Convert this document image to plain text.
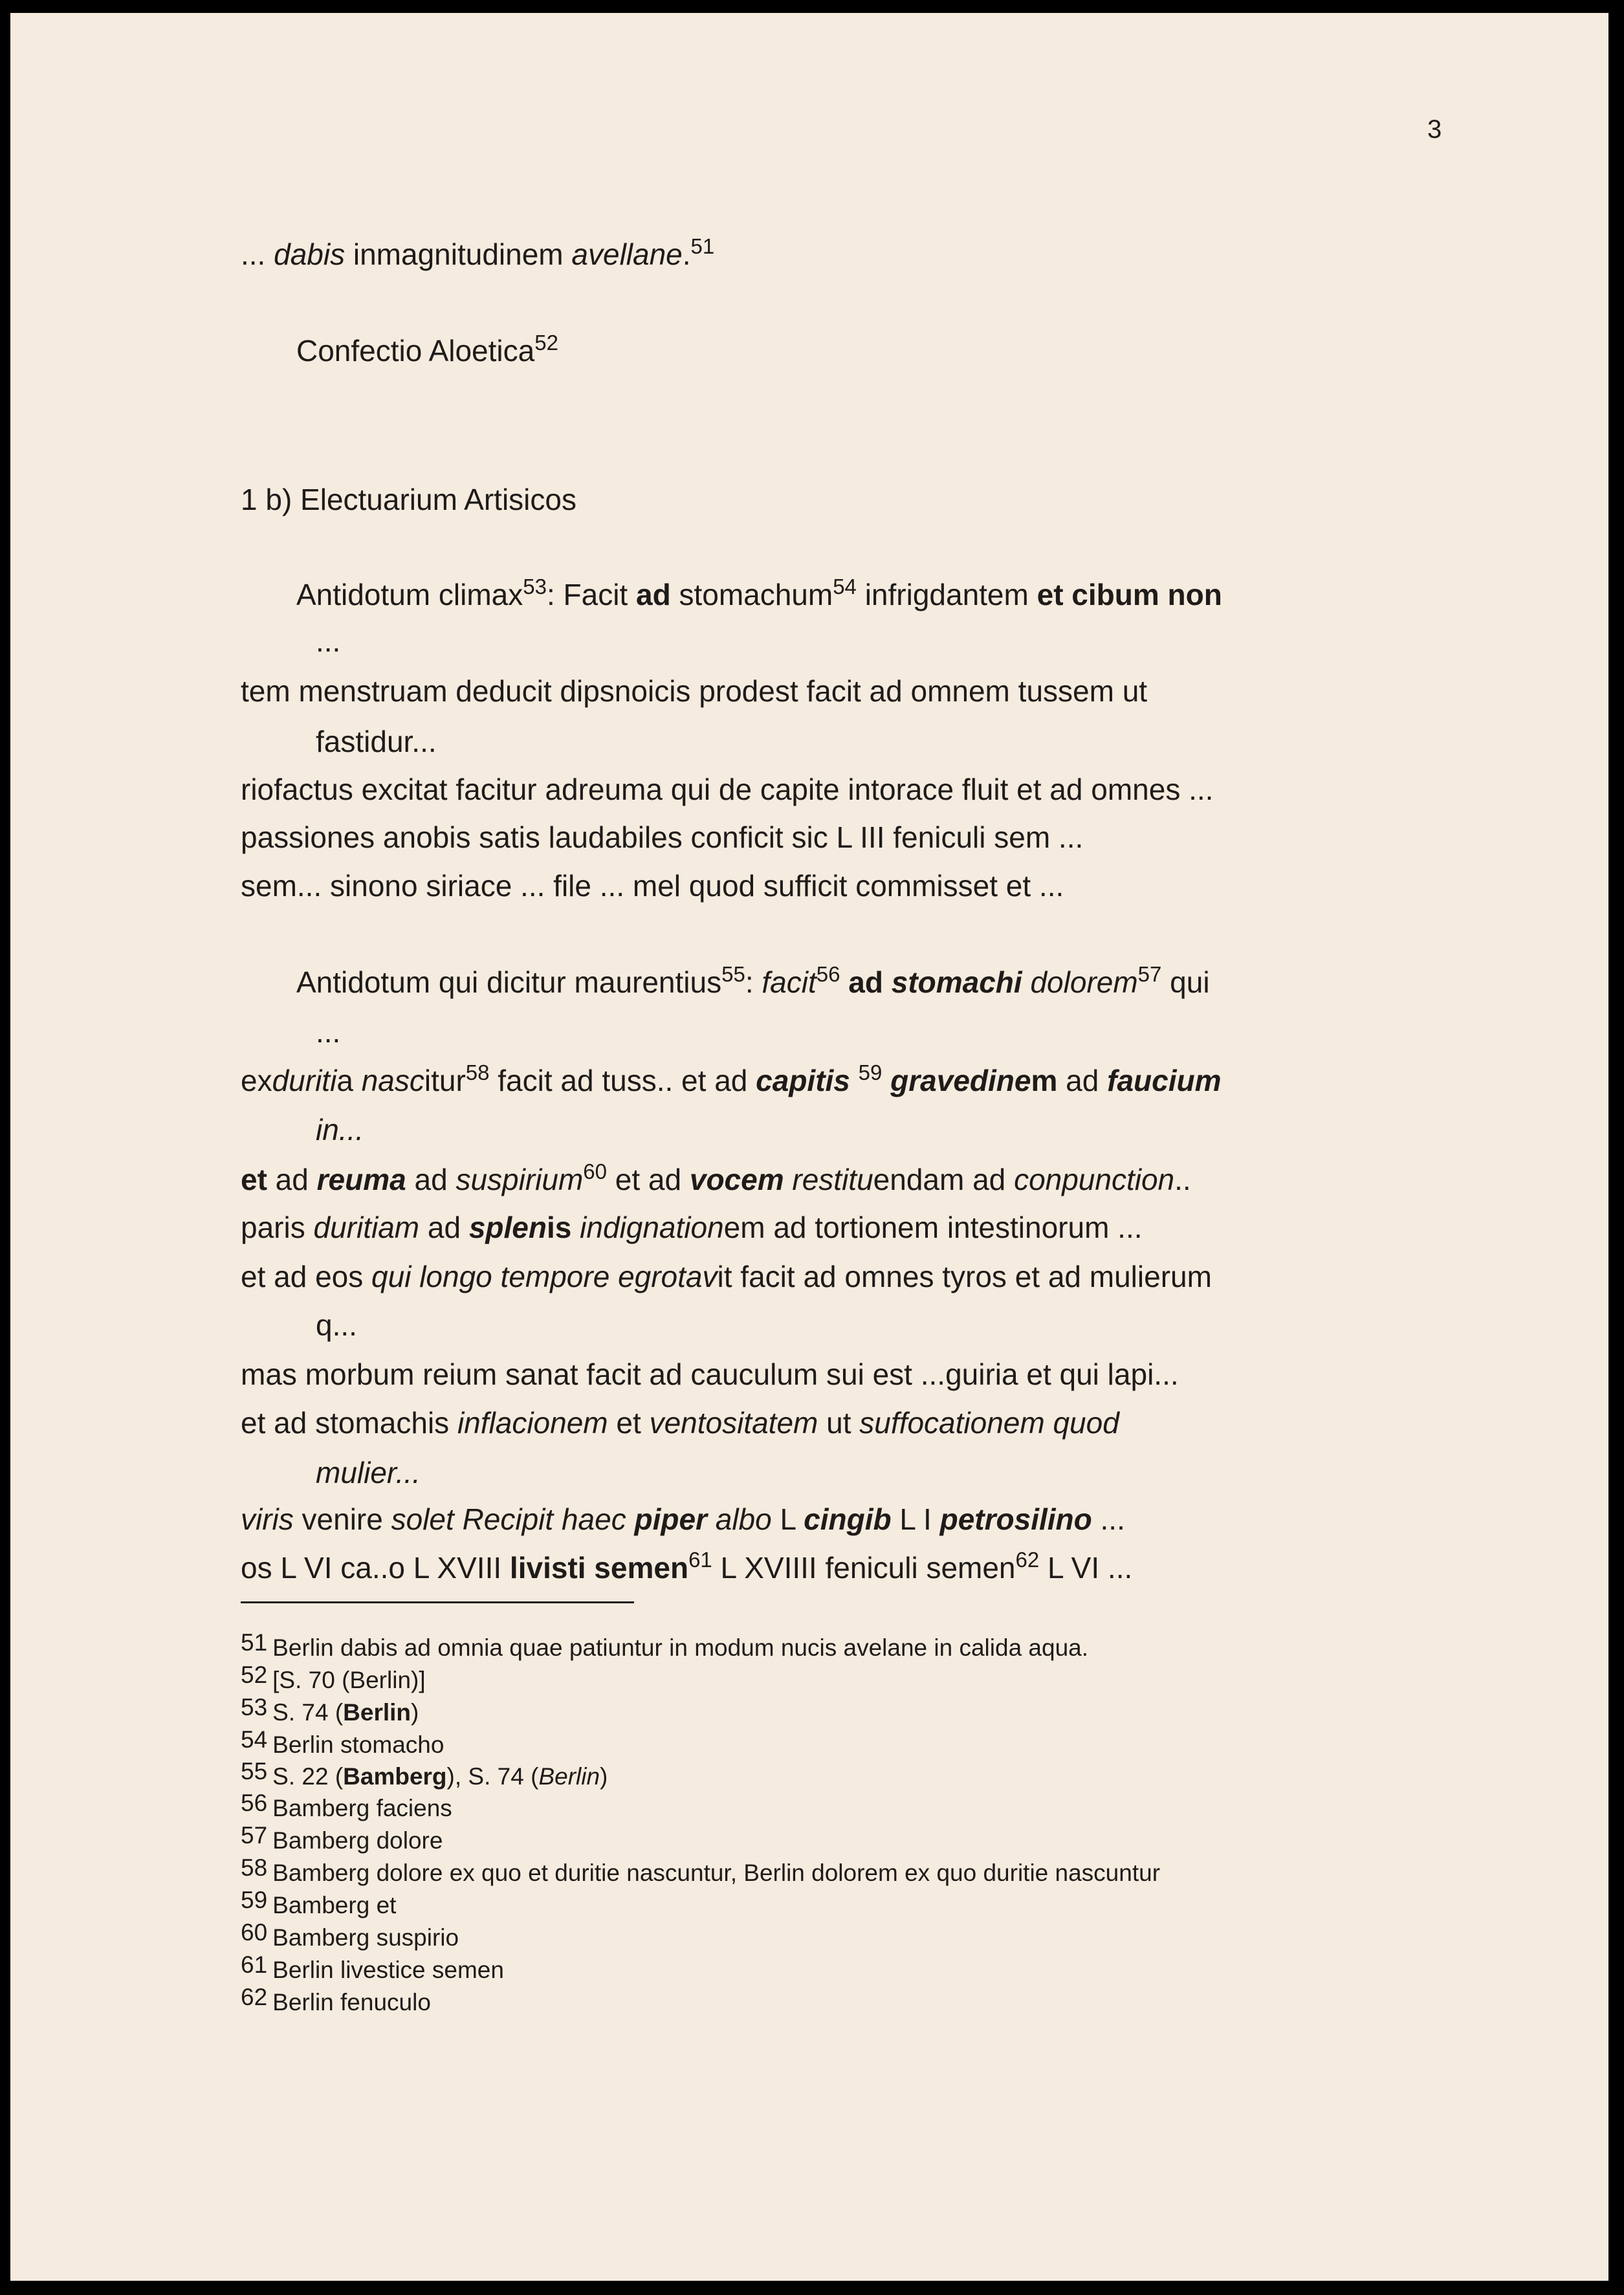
3
... dabis inmagnitudinem avellane.$^{51}$
Confectio Aloetica$^{52}$
1 b) Electuarium Artisicos
Antidotum climax$^{53}$: Facit ad stomachum$^{54}$ infrigdantem et cibum non
...
tem menstruam deducit dipsnoicis prodest facit ad omnem tussem ut
fastidur...
riofactus excitat facitur adreuma qui de capite intorace fluit et ad omnes ...
passiones anobis satis laudabiles conficit sic L III feniculi sem ...
sem... sinono siriace ... file ... mel quod sufficit commisset et ...
Antidotum qui dicitur maurentius$^{55}$: facit$^{56}$ ad stomachi dolorem$^{57}$ qui
...
exduritia nascitur$^{58}$ facit ad tuss.. et ad capitis $^{59}$ gravedinem ad faucium
in...
et ad reuma ad suspirium$^{60}$ et ad vocem restituendam ad conpunction..
paris duritiam ad splenis indignationem ad tortionem intestinorum ...
et ad eos qui longo tempore egrotavit facit ad omnes tyros et ad mulierum
q...
mas morbum reium sanat facit ad cauculum sui est ...guiria et qui lapi...
et ad stomachis inflacionem et ventositatem ut suffocationem quod
mulier...
viris venire solet Recipit haec piper albo L cingib L I petrosilino ...
os L VI ca..o L XVIII livisti semen$^{61}$ L XVIIII feniculi semen$^{62}$ L VI ...
51 Berlin dabis ad omnia quae patiuntur in modum nucis avelane in calida aqua.
52 [S. 70 (Berlin)]
53 S. 74 (Berlin)
54 Berlin stomacho
55 S. 22 (Bamberg), S. 74 (Berlin)
56 Bamberg faciens
57 Bamberg dolore
58 Bamberg dolore ex quo et duritie nascuntur, Berlin dolorem ex quo duritie nascuntur
59 Bamberg et
60 Bamberg suspirio
61 Berlin livestice semen
62 Berlin fenuculo
